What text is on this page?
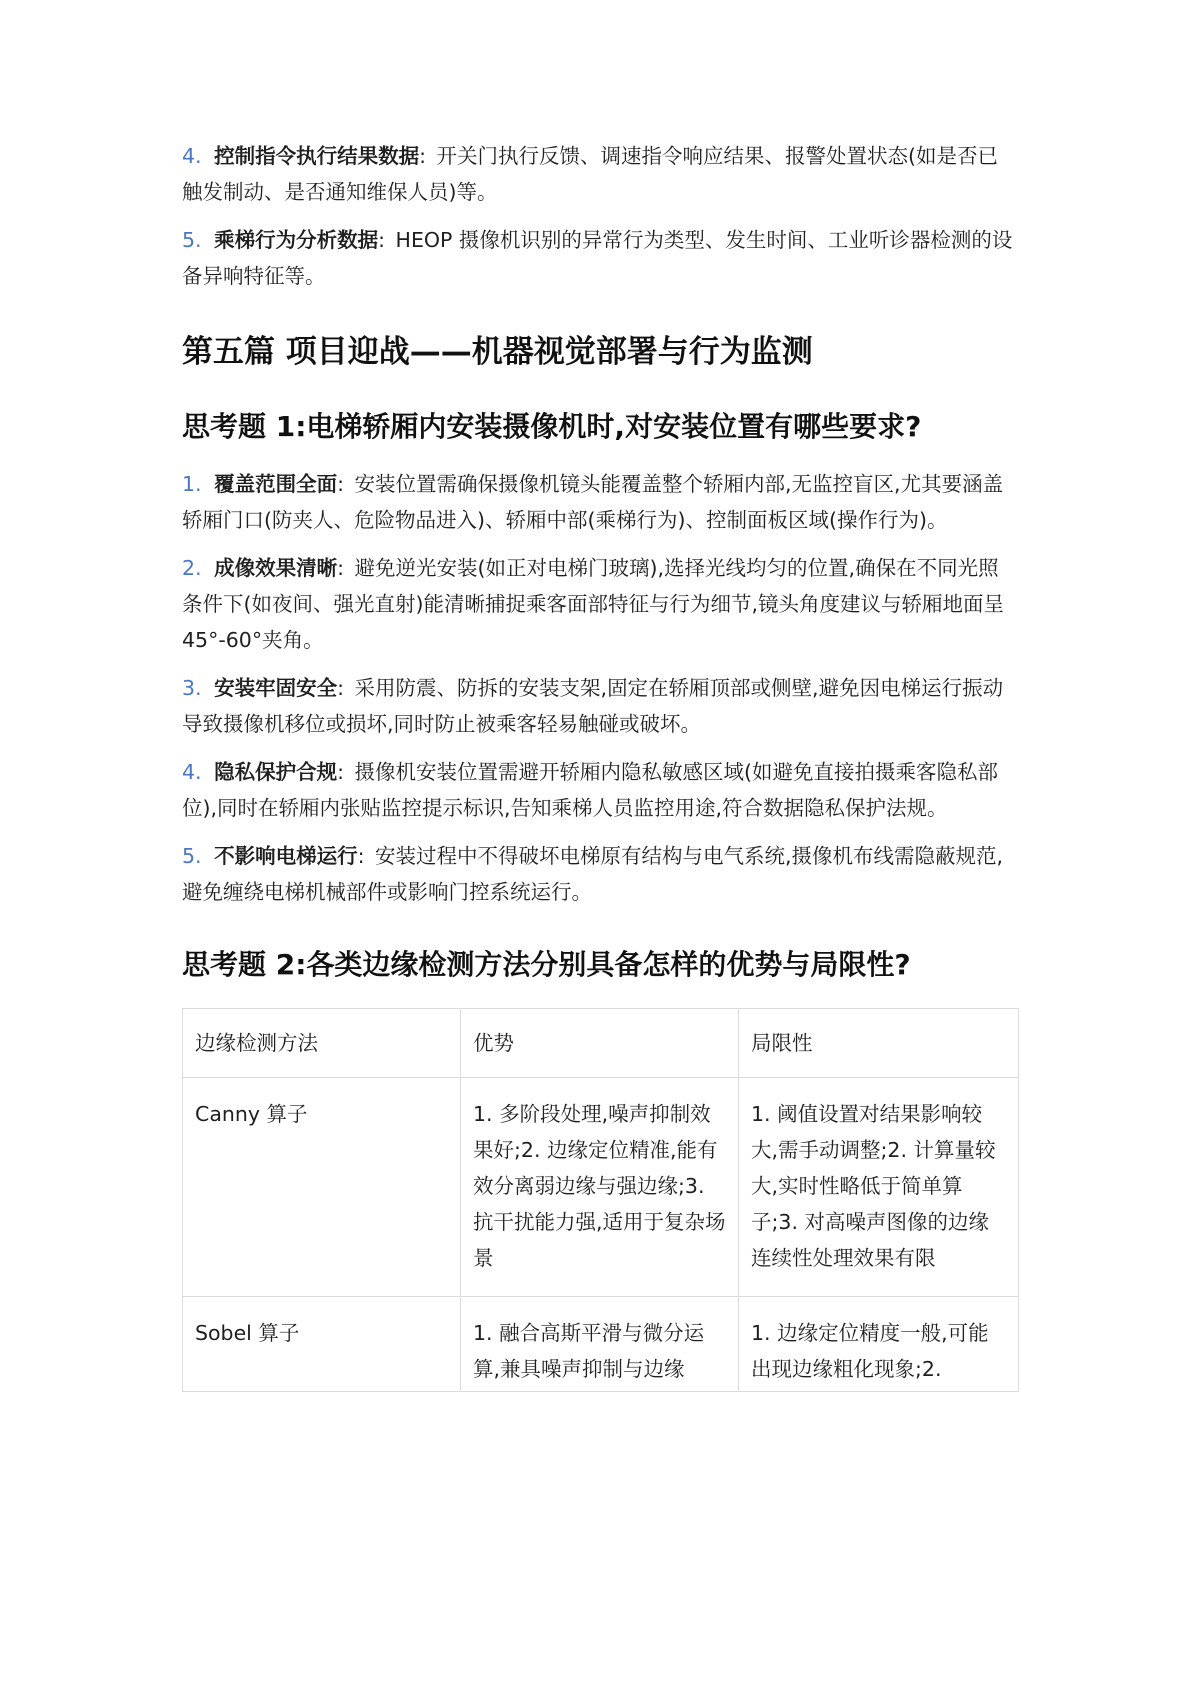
4. 控制指令执行结果数据: 开关门执行反馈、调速指令响应结果、报警处置状态(如是否已触发制动、是否通知维保人员)等。
5. 乘梯行为分析数据: HEOP 摄像机识别的异常行为类型、发生时间、工业听诊器检测的设备异响特征等。
第五篇 项目迎战——机器视觉部署与行为监测
思考题 1:电梯轿厢内安装摄像机时,对安装位置有哪些要求?
1. 覆盖范围全面: 安装位置需确保摄像机镜头能覆盖整个轿厢内部,无监控盲区,尤其要涵盖轿厢门口(防夹人、危险物品进入)、轿厢中部(乘梯行为)、控制面板区域(操作行为)。
2. 成像效果清晰: 避免逆光安装(如正对电梯门玻璃),选择光线均匀的位置,确保在不同光照条件下(如夜间、强光直射)能清晰捕捉乘客面部特征与行为细节,镜头角度建议与轿厢地面呈 45°-60°夹角。
3. 安装牢固安全: 采用防震、防拆的安装支架,固定在轿厢顶部或侧壁,避免因电梯运行振动导致摄像机移位或损坏,同时防止被乘客轻易触碰或破坏。
4. 隐私保护合规: 摄像机安装位置需避开轿厢内隐私敏感区域(如避免直接拍摄乘客隐私部位),同时在轿厢内张贴监控提示标识,告知乘梯人员监控用途,符合数据隐私保护法规。
5. 不影响电梯运行: 安装过程中不得破坏电梯原有结构与电气系统,摄像机布线需隐蔽规范,避免缠绕电梯机械部件或影响门控系统运行。
思考题 2:各类边缘检测方法分别具备怎样的优势与局限性?
边缘检测方法	优势	局限性
Canny 算子	1. 多阶段处理,噪声抑制效果好;2. 边缘定位精准,能有效分离弱边缘与强边缘;3. 抗干扰能力强,适用于复杂场景	1. 阈值设置对结果影响较大,需手动调整;2. 计算量较大,实时性略低于简单算子;3. 对高噪声图像的边缘连续性处理效果有限

Sobel 算子	1. 融合高斯平滑与微分运算,兼具噪声抑制与边缘	1. 边缘定位精度一般,可能出现边缘粗化现象;2.
